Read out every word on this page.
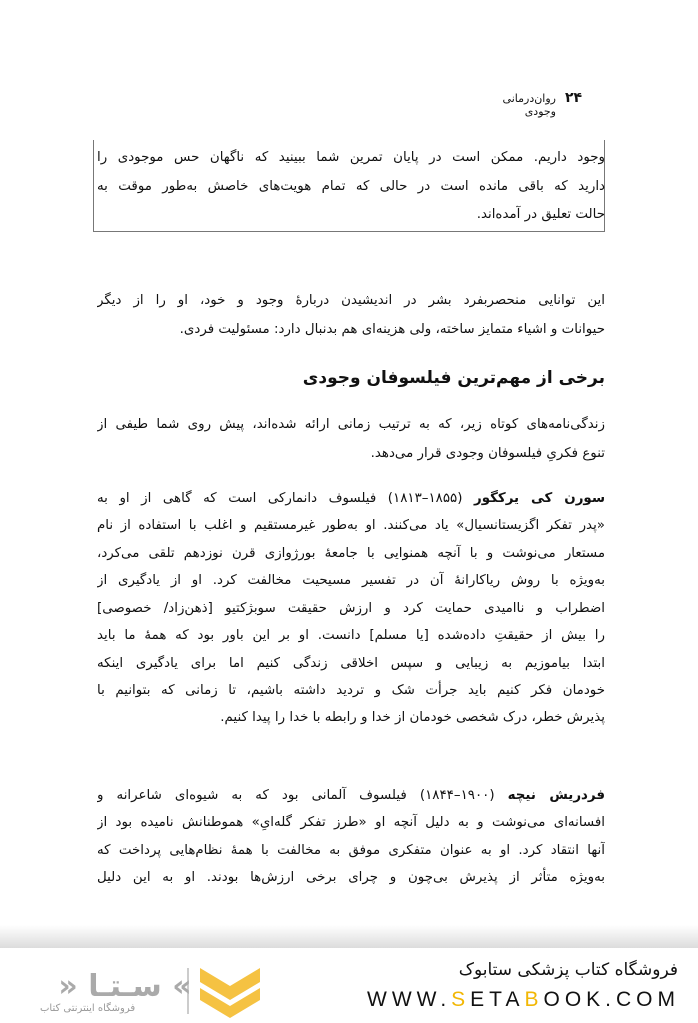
۲۴
روان‌درمانی وجودی
وجود داریم. ممکن است در پایان تمرین شما ببینید که ناگهان حس موجودی را
دارید که باقی مانده است در حالی که تمام هویت‌های خاصش به‌طور موقت به
حالت تعلیق در آمده‌اند.
این توانایی منحصربفرد بشر در اندیشیدن دربارهٔ وجود و خود، او را از دیگر
حیوانات و اشیاء متمایز ساخته، ولی هزینه‌ای هم بدنبال دارد: مسئولیت فردی.
برخی از مهم‌ترین فیلسوفان وجودی
زندگی‌نامه‌های کوتاه زیر، که به ترتیب زمانی ارائه شده‌اند، پیش روی شما طیفی از
تنوع فکریِ فیلسوفان وجودی قرار می‌دهد.
سورن کی یرکگور (۱۸۵۵–۱۸۱۳) فیلسوف دانمارکی است که گاهی از او به
«پدر تفکر اگزیستانسیال» یاد می‌کنند. او به‌طور غیرمستقیم و اغلب با استفاده از نام
مستعار می‌نوشت و با آنچه همنوایی با جامعهٔ بورژوازی قرن نوزدهم تلقی می‌کرد،
به‌ویژه با روش ریاکارانهٔ آن در تفسیر مسیحیت مخالفت کرد. او از یادگیری از
اضطراب و ناامیدی حمایت کرد و ارزش حقیقت سوبژکتیو [ذهن‌زاد/ خصوصی]
را بیش از حقیقتِ داده‌شده [یا مسلم] دانست. او بر این باور بود که همهٔ ما باید
ابتدا بیاموزیم به زیبایی و سپس اخلاقی زندگی کنیم اما برای یادگیری اینکه
خودمان فکر کنیم باید جرأت شک و تردید داشته باشیم، تا زمانی که بتوانیم با
پذیرش خطر، درک شخصی خودمان از خدا و رابطه با خدا را پیدا کنیم.
فردریش نیچه (۱۹۰۰–۱۸۴۴) فیلسوف آلمانی بود که به شیوه‌ای شاعرانه و
افسانه‌ای می‌نوشت و به دلیل آنچه او «طرز تفکر گله‌ایِ» هموطنانش نامیده بود از
آنها انتقاد کرد. او به عنوان متفکری موفق به مخالفت با همهٔ نظام‌هایی پرداخت که
به‌ویژه متأثر از پذیرش بی‌چون و چرای برخی ارزش‌ها بودند. او به این دلیل
» سـتـا «
فروشگاه اینترنتی کتاب
فروشگاه کتاب پزشکی ستابوک
WWW.SETABOOK.COM
